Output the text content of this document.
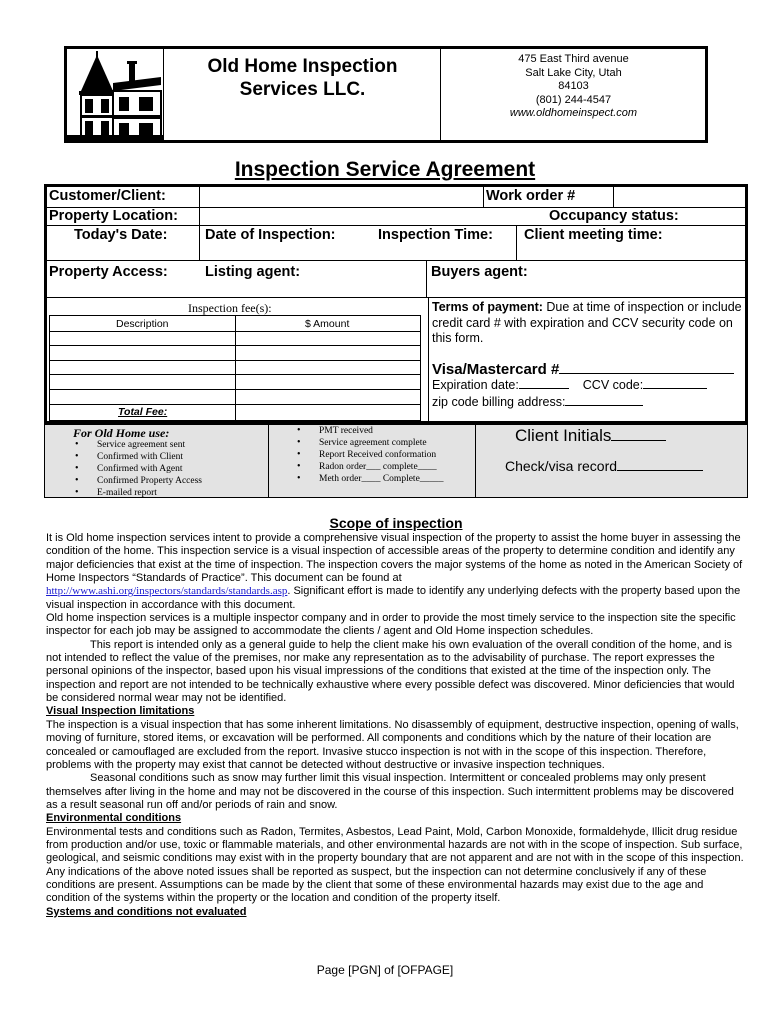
Old Home Inspection
Services LLC.
475 East Third avenue
Salt Lake City, Utah
84103
(801) 244-4547
www.oldhomeinspect.com
Inspection Service Agreement
Customer/Client:	Work order #
Property Location:	Occupancy status:
Today's Date:	Date of Inspection:	Inspection Time: Client meeting time:
Property Access:	Listing agent:	Buyers agent:
Inspection fee(s):
Description	$ Amount
Total Fee:
Terms of payment: Due at time of inspection or include credit card # with expiration and CCV security code on this form.
Visa/Mastercard #
Expiration date:	CCV code:
zip code billing address:
For Old Home use:
• Service agreement sent
• Confirmed with Client
• Confirmed with Agent
• Confirmed Property Access
• E-mailed report
• PMT received
• Service agreement complete
• Report Received conformation
• Radon order___ complete____
• Meth order____ Complete_____
Client Initials
Check/visa record
Scope of inspection

It is Old home inspection services intent to provide a comprehensive visual inspection of the property to assist the home buyer in assessing the condition of the home. This inspection service is a visual inspection of accessible areas of the property to determine condition and identify any major deficiencies that exist at the time of inspection. The inspection covers the major systems of the home as noted in the American Society of Home Inspectors “Standards of Practice”. This document can be found at
http://www.ashi.org/inspectors/standards/standards.asp. Significant effort is made to identify any underlying defects with the property based upon the visual inspection in accordance with this document.

Old home inspection services is a multiple inspector company and in order to provide the most timely service to the inspection site the specific inspector for each job may be assigned to accommodate the clients / agent and Old Home inspection schedules.

This report is intended only as a general guide to help the client make his own evaluation of the overall condition of the home, and is not intended to reflect the value of the premises, nor make any representation as to the advisability of purchase. The report expresses the personal opinions of the inspector, based upon his visual impressions of the conditions that existed at the time of the inspection only. The inspection and report are not intended to be technically exhaustive where every possible defect was discovered. Minor deficiencies that would be considered normal wear may not be identified.

Visual Inspection limitations

The inspection is a visual inspection that has some inherent limitations. No disassembly of equipment, destructive inspection, opening of walls, moving of furniture, stored items, or excavation will be performed. All components and conditions which by the nature of their location are concealed or camouflaged are excluded from the report. Invasive stucco inspection is not with in the scope of this inspection. Therefore, problems with the property may exist that cannot be detected without destructive or invasive inspection techniques.

Seasonal conditions such as snow may further limit this visual inspection. Intermittent or concealed problems may only present themselves after living in the home and may not be discovered in the course of this inspection. Such intermittent problems may be discovered as a result seasonal run off and/or periods of rain and snow.

Environmental conditions

Environmental tests and conditions such as Radon, Termites, Asbestos, Lead Paint, Mold, Carbon Monoxide, formaldehyde, Illicit drug residue from production and/or use, toxic or flammable materials, and other environmental hazards are not with in the scope of inspection. Sub surface, geological, and seismic conditions may exist with in the property boundary that are not apparent and are not with in the scope of this inspection. Any indications of the above noted issues shall be reported as suspect, but the inspection can not determine conclusively if any of these conditions are present. Assumptions can be made by the client that some of these environmental hazards may exist due to the age and condition of the systems within the property or the location and condition of the property itself.

Systems and conditions not evaluated
Page [PGN] of [OFPAGE]
